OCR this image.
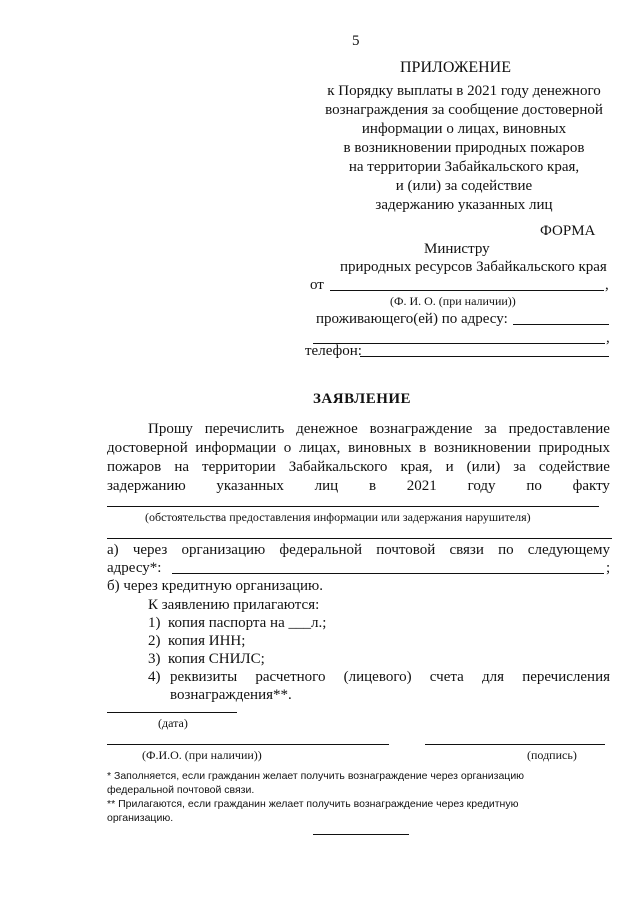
5
ПРИЛОЖЕНИЕ
к Порядку выплаты в 2021 году денежного
вознаграждения за сообщение достоверной
информации о лицах, виновных
в возникновении природных пожаров
на территории Забайкальского края,
и (или) за содействие
задержанию указанных лиц
ФОРМА
Министру
природных ресурсов Забайкальского края
от	,
(Ф. И. О. (при наличии))
проживающего(ей) по адресу:
,
телефон:
ЗАЯВЛЕНИЕ
Прошу перечислить денежное вознаграждение за предоставление
достоверной информации о лицах, виновных в возникновении природных
пожаров на территории Забайкальского края, и (или) за содействие
задержанию указанных лиц в 2021 году по факту
(обстоятельства предоставления информации или задержания нарушителя)
а) через организацию федеральной почтовой связи по следующему
адресу*:	;
б) через кредитную организацию.
К заявлению прилагаются:
1) копия паспорта на ___л.;
2) копия ИНН;
3) копия СНИЛС;
4) реквизиты расчетного (лицевого) счета для перечисления
вознаграждения**.
(дата)
(Ф.И.О. (при наличии))	(подпись)
* Заполняется, если гражданин желает получить вознаграждение через организацию
федеральной почтовой связи.
** Прилагаются, если гражданин желает получить вознаграждение через кредитную
организацию.
